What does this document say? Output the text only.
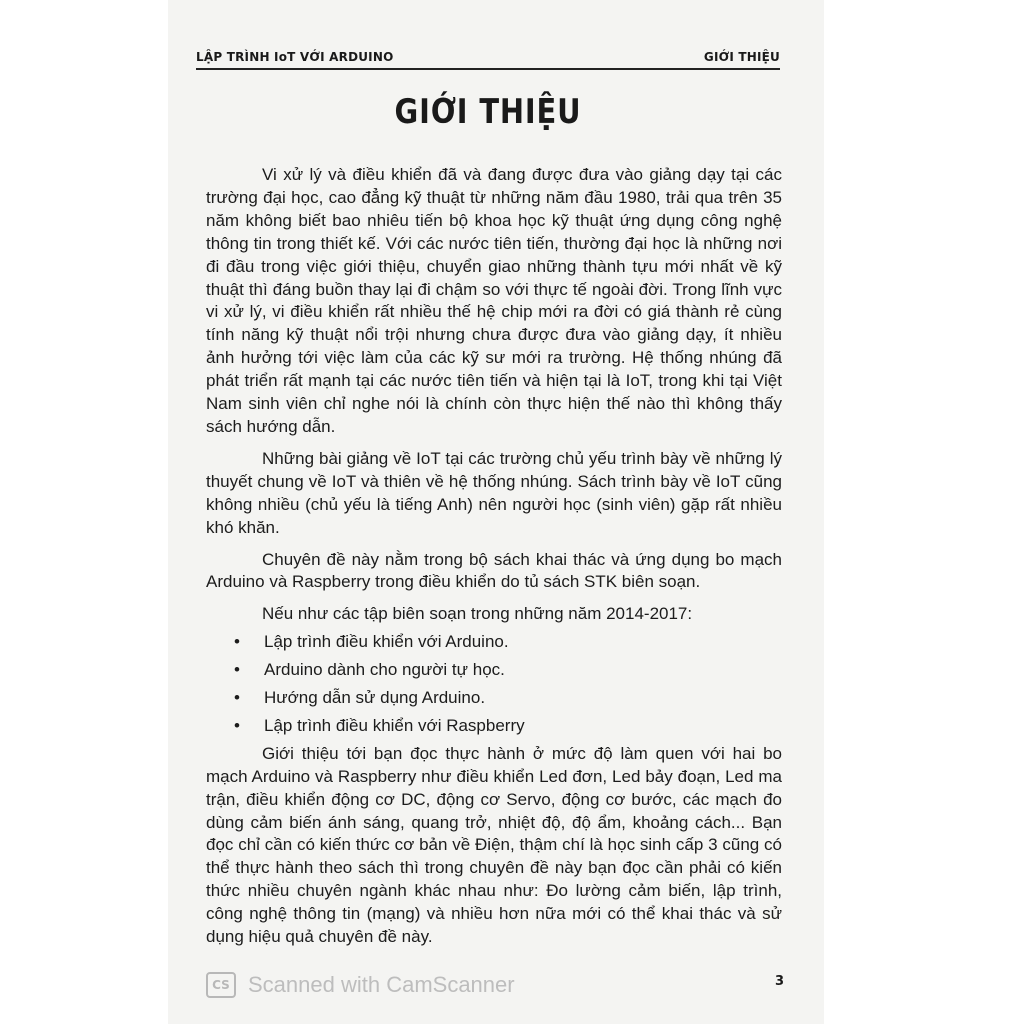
LẬP TRÌNH IoT VỚI ARDUINO	GIỚI THIỆU
GIỚI THIỆU

Vi xử lý và điều khiển đã và đang được đưa vào giảng dạy tại các trường đại học, cao đẳng kỹ thuật từ những năm đầu 1980, trải qua trên 35 năm không biết bao nhiêu tiến bộ khoa học kỹ thuật ứng dụng công nghệ thông tin trong thiết kế. Với các nước tiên tiến, thường đại học là những nơi đi đầu trong việc giới thiệu, chuyển giao những thành tựu mới nhất về kỹ thuật thì đáng buồn thay lại đi chậm so với thực tế ngoài đời. Trong lĩnh vực vi xử lý, vi điều khiển rất nhiều thế hệ chip mới ra đời có giá thành rẻ cùng tính năng kỹ thuật nổi trội nhưng chưa được đưa vào giảng dạy, ít nhiều ảnh hưởng tới việc làm của các kỹ sư mới ra trường. Hệ thống nhúng đã phát triển rất mạnh tại các nước tiên tiến và hiện tại là IoT, trong khi tại Việt Nam sinh viên chỉ nghe nói là chính còn thực hiện thế nào thì không thấy sách hướng dẫn.

Những bài giảng về IoT tại các trường chủ yếu trình bày về những lý thuyết chung về IoT và thiên về hệ thống nhúng. Sách trình bày về IoT cũng không nhiều (chủ yếu là tiếng Anh) nên người học (sinh viên) gặp rất nhiều khó khăn.

Chuyên đề này nằm trong bộ sách khai thác và ứng dụng bo mạch Arduino và Raspberry trong điều khiển do tủ sách STK biên soạn.

Nếu như các tập biên soạn trong những năm 2014-2017:

• Lập trình điều khiển với Arduino.
• Arduino dành cho người tự học.
• Hướng dẫn sử dụng Arduino.
• Lập trình điều khiển với Raspberry

Giới thiệu tới bạn đọc thực hành ở mức độ làm quen với hai bo mạch Arduino và Raspberry như điều khiển Led đơn, Led bảy đoạn, Led ma trận, điều khiển động cơ DC, động cơ Servo, động cơ bước, các mạch đo dùng cảm biến ánh sáng, quang trở, nhiệt độ, độ ẩm, khoảng cách... Bạn đọc chỉ cần có kiến thức cơ bản về Điện, thậm chí là học sinh cấp 3 cũng có thể thực hành theo sách thì trong chuyên đề này bạn đọc cần phải có kiến thức nhiều chuyên ngành khác nhau như: Đo lường cảm biến, lập trình, công nghệ thông tin (mạng) và nhiều hơn nữa mới có thể khai thác và sử dụng hiệu quả chuyên đề này.

CS Scanned with CamScanner	3
